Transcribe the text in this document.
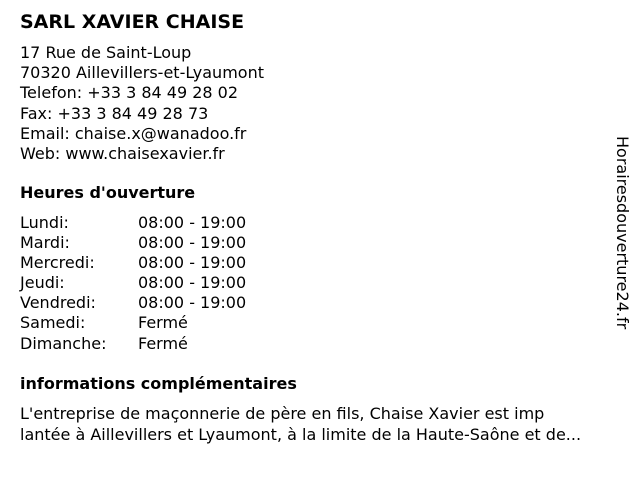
SARL XAVIER CHAISE
17 Rue de Saint-Loup
70320 Aillevillers-et-Lyaumont
Telefon: +33 3 84 49 28 02
Fax: +33 3 84 49 28 73
Email: chaise.x@wanadoo.fr
Web: www.chaisexavier.fr
Heures d'ouverture
Lundi:	08:00 - 19:00
Mardi:	08:00 - 19:00
Mercredi:	08:00 - 19:00
Jeudi:	08:00 - 19:00
Vendredi:	08:00 - 19:00
Samedi:	Fermé
Dimanche:	Fermé
informations complémentaires
L'entreprise de maçonnerie de père en fils, Chaise Xavier est imp
lantée à Aillevillers et Lyaumont, à la limite de la Haute-Saône et de...
Horairesdouverture24.fr
